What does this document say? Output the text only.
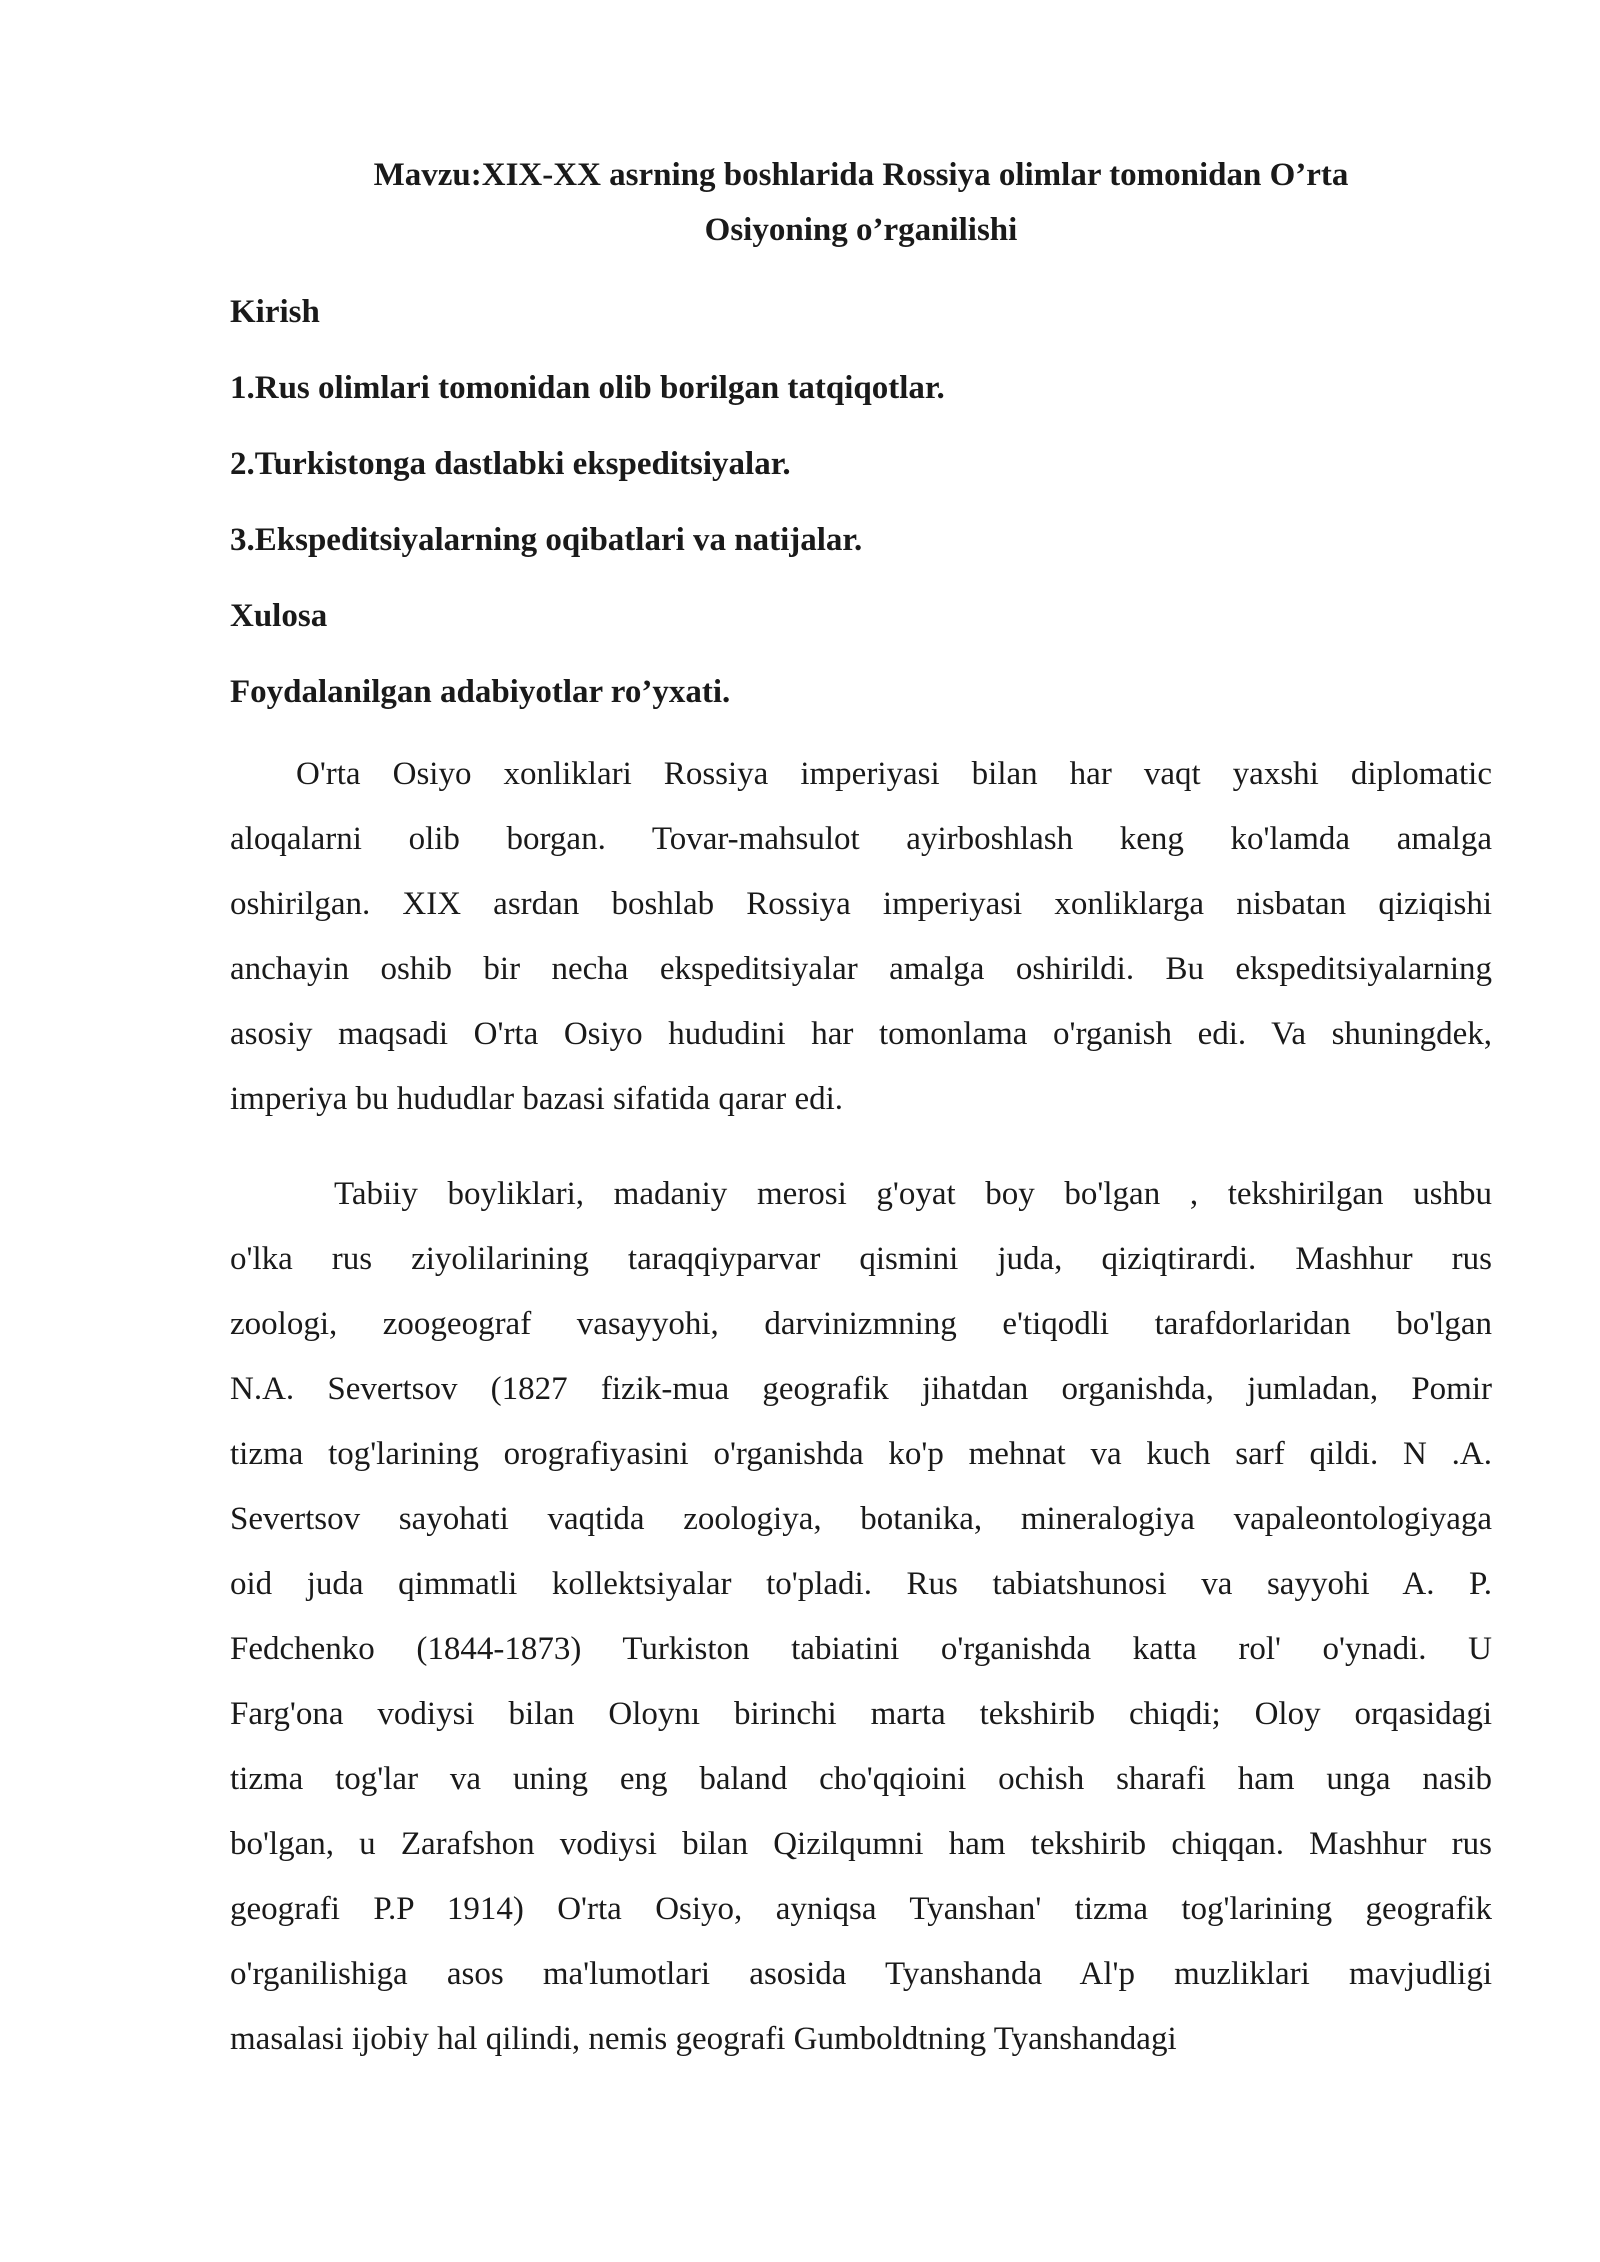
Mavzu:XIX-XX asrning boshlarida Rossiya olimlar tomonidan O’rta
Osiyoning o’rganilishi
Kirish
1.Rus olimlari tomonidan olib borilgan tatqiqotlar.
2.Turkistonga dastlabki ekspeditsiyalar.
3.Ekspeditsiyalarning oqibatlari va natijalar.
Xulosa
Foydalanilgan adabiyotlar ro’yxati.

O'rta Osiyo xonliklari Rossiya imperiyasi bilan har vaqt yaxshi diplomatic
aloqalarni olib borgan. Tovar-mahsulot ayirboshlash keng ko'lamda amalga
oshirilgan. XIX asrdan boshlab Rossiya imperiyasi xonliklarga nisbatan qiziqishi
anchayin oshib bir necha ekspeditsiyalar amalga oshirildi. Bu ekspeditsiyalarning
asosiy maqsadi O'rta Osiyo hududini har tomonlama o'rganish edi. Va shuningdek,
imperiya bu hududlar bazasi sifatida qarar edi.

Tabiiy boyliklari, madaniy merosi g'oyat boy bo'lgan , tekshirilgan ushbu
o'lka rus ziyolilarining taraqqiyparvar qismini juda, qiziqtirardi. Mashhur rus
zoologi, zoogeograf vasayyohi, darvinizmning e'tiqodli tarafdorlaridan bo'lgan
N.A. Severtsov (1827 fizik-mua geografik jihatdan organishda, jumladan, Pomir
tizma tog'larining orografiyasini o'rganishda ko'p mehnat va kuch sarf qildi. N .A.
Severtsov sayohati vaqtida zoologiya, botanika, mineralogiya vapaleontologiyaga
oid juda qimmatli kollektsiyalar to'pladi. Rus tabiatshunosi va sayyohi A. P.
Fedchenko (1844-1873) Turkiston tabiatini o'rganishda katta rol' o'ynadi. U
Farg'ona vodiysi bilan Oloynı birinchi marta tekshirib chiqdi; Oloy orqasidagi
tizma tog'lar va uning eng baland cho'qqioini ochish sharafi ham unga nasib
bo'lgan, u Zarafshon vodiysi bilan Qizilqumni ham tekshirib chiqqan. Mashhur rus
geografi P.P 1914) O'rta Osiyo, ayniqsa Tyanshan' tizma tog'larining geografik
o'rganilishiga asos ma'lumotlari asosida Tyanshanda Al'p muzliklari mavjudligi
masalasi ijobiy hal qilindi, nemis geografi Gumboldtning Tyanshandagi
